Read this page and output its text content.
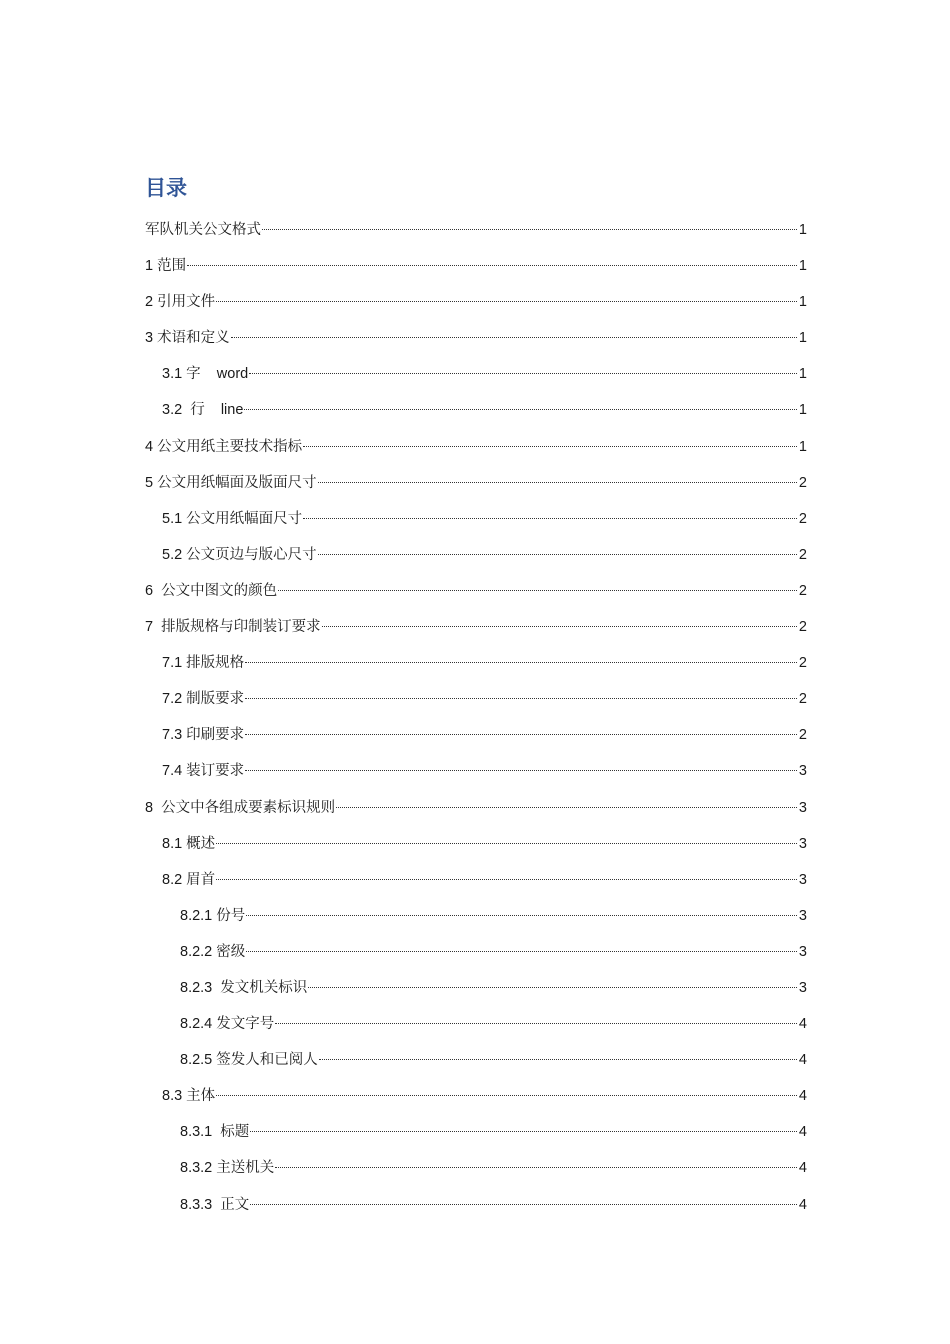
目录
军队机关公文格式	1
1 范围	1
2 引用文件	1
3 术语和定义	1
3.1 字    word	1
3.2  行    line	1
4 公文用纸主要技术指标	1
5 公文用纸幅面及版面尺寸	2
5.1 公文用纸幅面尺寸	2
5.2 公文页边与版心尺寸	2
6  公文中图文的颜色	2
7  排版规格与印制装订要求	2
7.1 排版规格	2
7.2 制版要求	2
7.3 印刷要求	2
7.4 装订要求	3
8  公文中各组成要素标识规则	3
8.1 概述	3
8.2 眉首	3
8.2.1 份号	3
8.2.2 密级	3
8.2.3  发文机关标识	3
8.2.4 发文字号	4
8.2.5 签发人和已阅人	4
8.3 主体	4
8.3.1  标题	4
8.3.2 主送机关	4
8.3.3  正文	4
